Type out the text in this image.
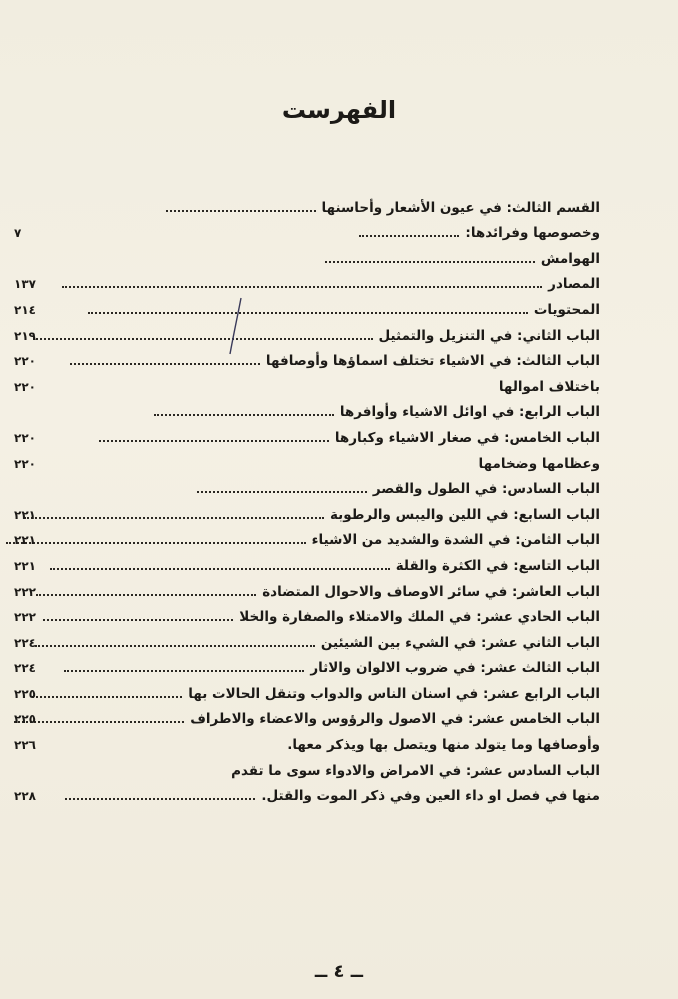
الفهرست
القسم الثالث: في عيون الأشعار وأحاسنها
وخصوصها وفرائدها:
٧
الهوامش
المصادر
١٣٧
المحتويات
٢١٤
الباب الثاني: في التنزيل والتمثيل
٢١٩
الباب الثالث: في الاشياء تختلف اسماؤها وأوصافها
٢٢٠
باختلاف اموالها
٢٢٠
الباب الرابع: في اوائل الاشياء وأوافرها
الباب الخامس: في صغار الاشياء وكبارها
٢٢٠
وعظامها وضخامها
٢٢٠
الباب السادس: في الطول والقصر
الباب السابع: في اللين واليبس والرطوبة
٢٢١
الباب الثامن: في الشدة والشديد من الاشياء
٢٢١
الباب التاسع: في الكثرة والقلة
٢٢١
الباب العاشر: في سائر الاوصاف والاحوال المتضادة
٢٢٢
الباب الحادي عشر: في الملك والامتلاء والصفارة والخلا
٢٢٢
الباب الثاني عشر: في الشيء بين الشيئين
٢٢٤
الباب الثالث عشر: في ضروب الالوان والاثار
٢٢٤
الباب الرابع عشر: في اسنان الناس والدواب وتنقل الحالات بها
٢٢٥
الباب الخامس عشر: في الاصول والرؤوس والاعضاء والاطراف
٢٢٥
وأوصافها وما يتولد منها ويتصل بها ويذكر معها.
٢٢٦
الباب السادس عشر: في الامراض والادواء سوى ما تقدم
منها في فصل او داء العين وفي ذكر الموت والقتل.
٢٢٨
ــ ٤ ــ
